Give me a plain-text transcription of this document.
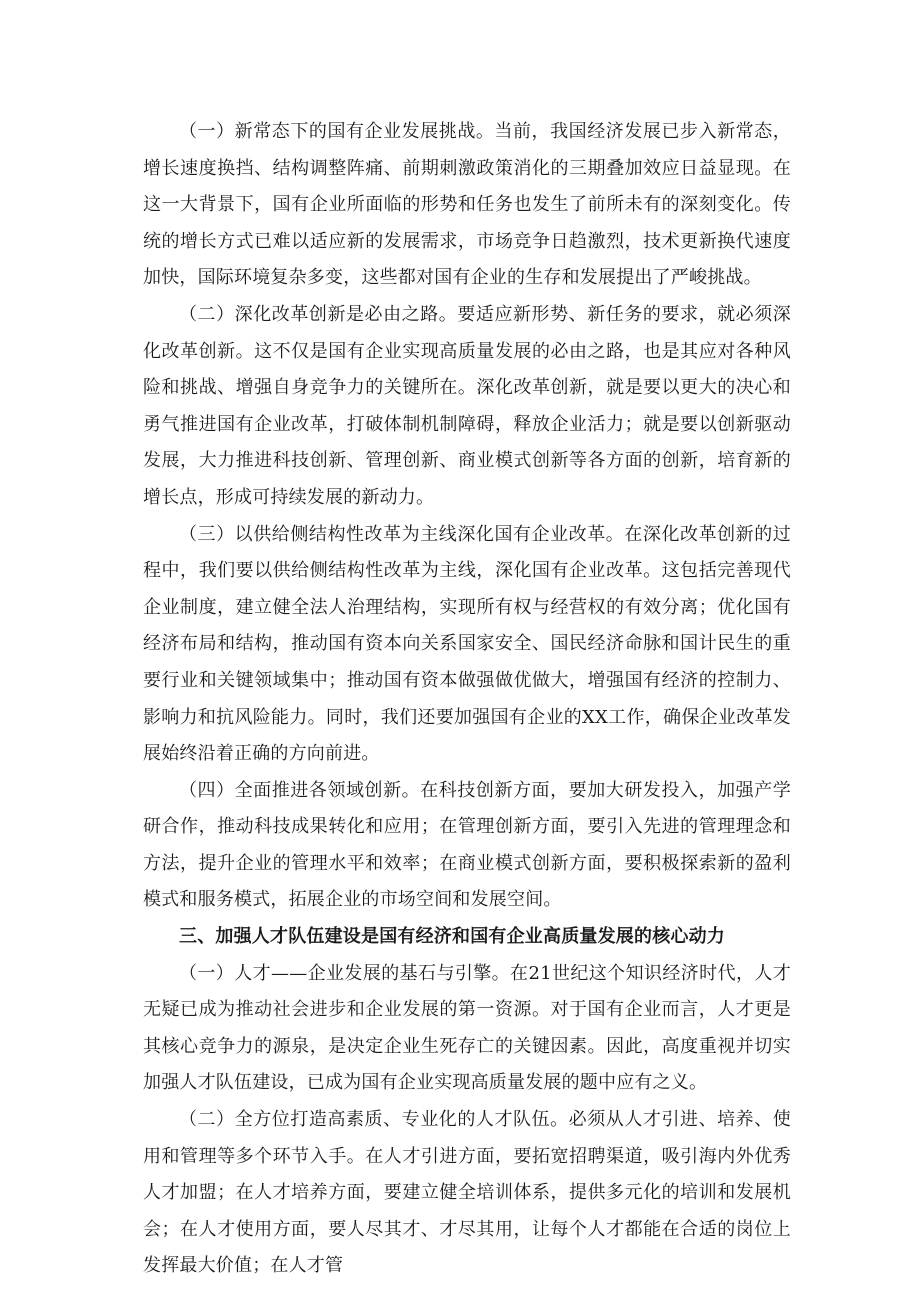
（一）新常态下的国有企业发展挑战。当前，我国经济发展已步入新常态，增长速度换挡、结构调整阵痛、前期刺激政策消化的三期叠加效应日益显现。在这一大背景下，国有企业所面临的形势和任务也发生了前所未有的深刻变化。传统的增长方式已难以适应新的发展需求，市场竞争日趋激烈，技术更新换代速度加快，国际环境复杂多变，这些都对国有企业的生存和发展提出了严峻挑战。

（二）深化改革创新是必由之路。要适应新形势、新任务的要求，就必须深化改革创新。这不仅是国有企业实现高质量发展的必由之路，也是其应对各种风险和挑战、增强自身竞争力的关键所在。深化改革创新，就是要以更大的决心和勇气推进国有企业改革，打破体制机制障碍，释放企业活力；就是要以创新驱动发展，大力推进科技创新、管理创新、商业模式创新等各方面的创新，培育新的增长点，形成可持续发展的新动力。

（三）以供给侧结构性改革为主线深化国有企业改革。在深化改革创新的过程中，我们要以供给侧结构性改革为主线，深化国有企业改革。这包括完善现代企业制度，建立健全法人治理结构，实现所有权与经营权的有效分离；优化国有经济布局和结构，推动国有资本向关系国家安全、国民经济命脉和国计民生的重要行业和关键领域集中；推动国有资本做强做优做大，增强国有经济的控制力、影响力和抗风险能力。同时，我们还要加强国有企业的XX工作，确保企业改革发展始终沿着正确的方向前进。

（四）全面推进各领域创新。在科技创新方面，要加大研发投入，加强产学研合作，推动科技成果转化和应用；在管理创新方面，要引入先进的管理理念和方法，提升企业的管理水平和效率；在商业模式创新方面，要积极探索新的盈利模式和服务模式，拓展企业的市场空间和发展空间。

三、加强人才队伍建设是国有经济和国有企业高质量发展的核心动力

（一）人才——企业发展的基石与引擎。在21世纪这个知识经济时代，人才无疑已成为推动社会进步和企业发展的第一资源。对于国有企业而言，人才更是其核心竞争力的源泉，是决定企业生死存亡的关键因素。因此，高度重视并切实加强人才队伍建设，已成为国有企业实现高质量发展的题中应有之义。

（二）全方位打造高素质、专业化的人才队伍。必须从人才引进、培养、使用和管理等多个环节入手。在人才引进方面，要拓宽招聘渠道，吸引海内外优秀人才加盟；在人才培养方面，要建立健全培训体系，提供多元化的培训和发展机会；在人才使用方面，要人尽其才、才尽其用，让每个人才都能在合适的岗位上发挥最大价值；在人才管
